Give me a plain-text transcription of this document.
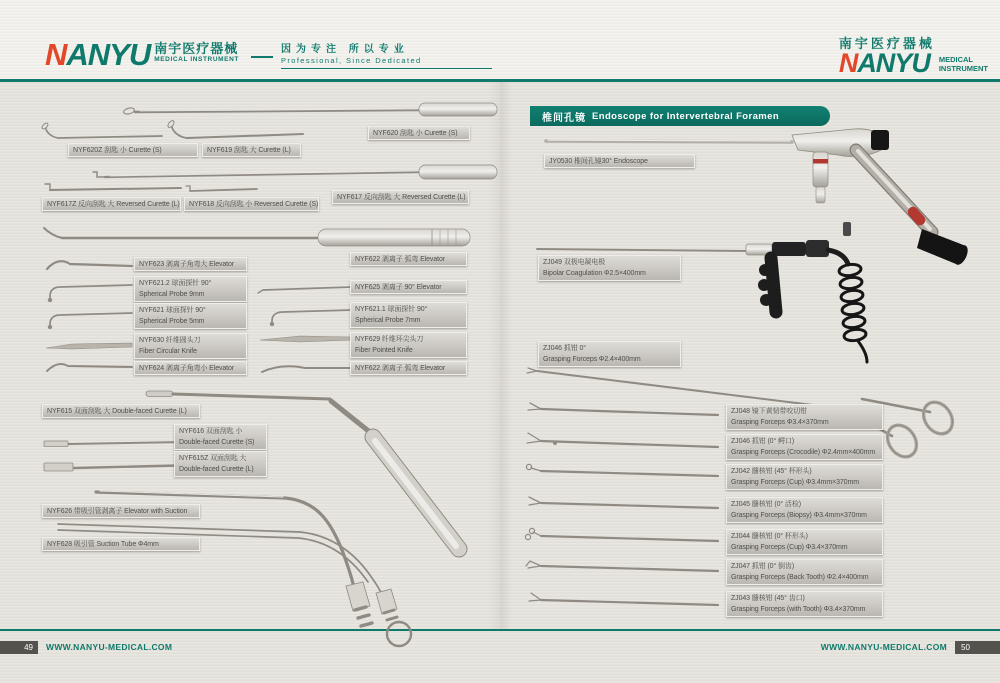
NANYU 南宇医疗器械
MEDICAL INSTRUMENT
因为专注 所以专业
Professional, Since Dedicated
南宇医疗器械
NANYU	MEDICAL
INSTRUMENT
NYF620 刮匙 小 Curette (S)
NYF620Z 刮匙 小 Curette (S)	NYF619 刮匙 大 Curette (L)
NYF617Z 反向刮匙 大 Reversed Curette (L)	NYF618 反向刮匙 小 Reversed Curette (S)
NYF617 反向刮匙 大 Reversed Curette (L)
NYF623 剥离子角弯大 Elevator
NYF621.2 球面探针 90°
Spherical Probe 9mm
NYF621 球面探针 90°
Spherical Probe 5mm
NYF630 纤维圆头刀
Fiber Circular Knife
NYF624 剥离子角弯小 Elevator
NYF622 剥离子 弧弯 Elevator
NYF625 剥离子 90° Elevator
NYF621.1 球面探针 90°
Spherical Probe 7mm
NYF629 纤维环尖头刀
Fiber Pointed Knife
NYF622 剥离子 弧弯 Elevator
NYF615 双面刮匙 大 Double-faced Curette (L)
NYF616 双面刮匙 小
Double-faced Curette (S)
NYF615Z 双面刮匙 大
Double-faced Curette (L)
NYF626 带吸引管剥离子 Elevator with Suction
NYF628 吸引管 Suction Tube Φ4mm
椎间孔镜 Endoscope for Intervertebral Foramen
JY0530 椎间孔镜30° Endoscope
ZJ049 双极电凝电极
Bipolar Coagulation Φ2.5×400mm
ZJ046 抓钳 0°
Grasping Forceps Φ2.4×400mm
ZJ048 镜下黄韧带咬切钳
Grasping Forceps Φ3.4×370mm
ZJ046 抓钳 (0° 鳄口)
Grasping Forceps (Crocodile) Φ2.4mm×400mm
ZJ042 髓核钳 (45° 杯形头)
Grasping Forceps (Cup) Φ3.4mm×370mm
ZJ045 髓核钳 (0° 活检)
Grasping Forceps (Biopsy) Φ3.4mm×370mm
ZJ044 髓核钳 (0° 杯形头)
Grasping Forceps (Cup) Φ3.4×370mm
ZJ047 抓钳 (0° 倒齿)
Grasping Forceps (Back Tooth) Φ2.4×400mm
ZJ043 髓核钳 (45° 齿口)
Grasping Forceps (with Tooth) Φ3.4×370mm
49	WWW.NANYU-MEDICAL.COM	WWW.NANYU-MEDICAL.COM	50
